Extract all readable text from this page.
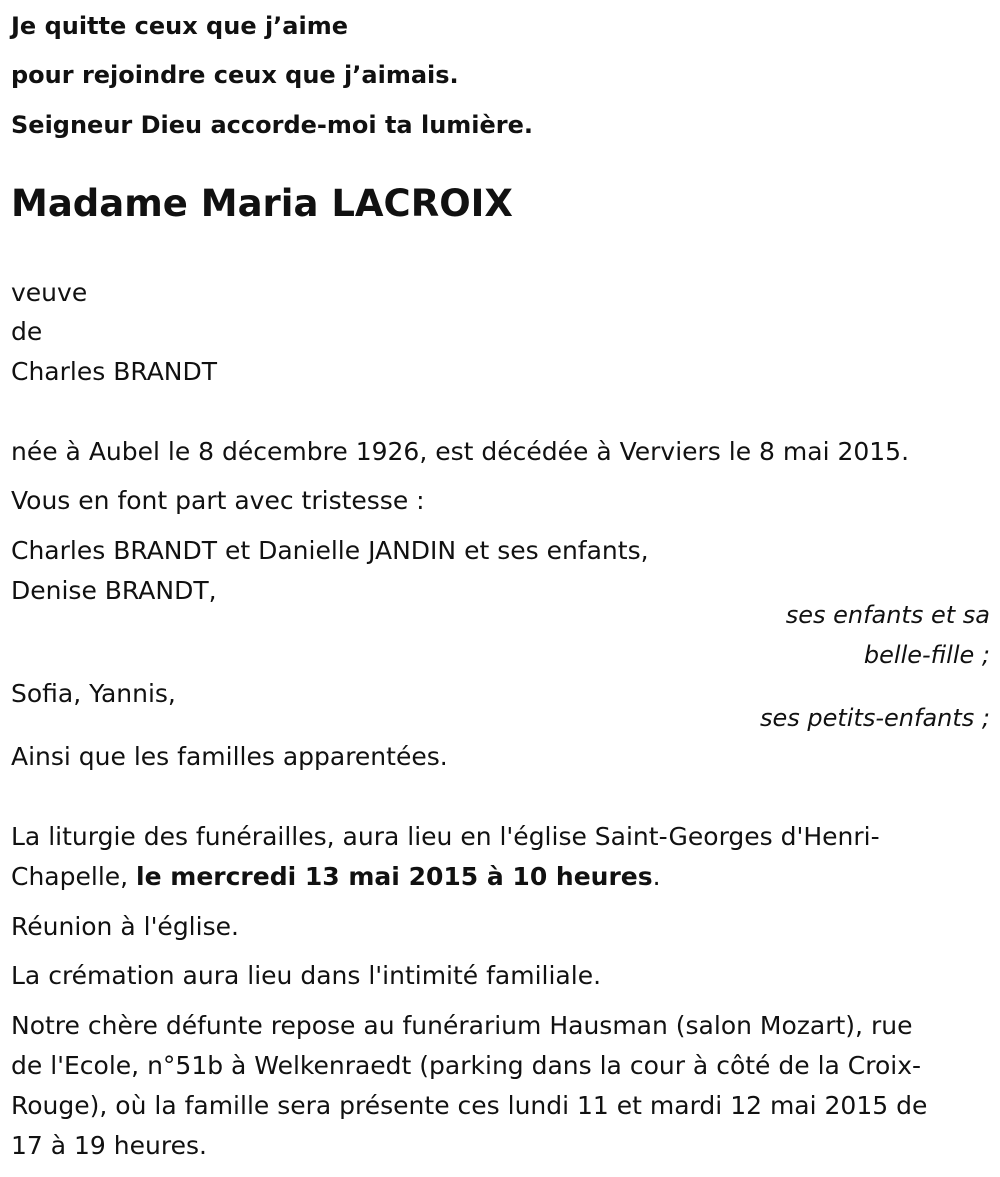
Je quitte ceux que j’aime
pour rejoindre ceux que j’aimais.
Seigneur Dieu accorde-moi ta lumière.
Madame Maria LACROIX
veuve
de
Charles BRANDT
née à Aubel le 8 décembre 1926, est décédée à Verviers le 8 mai 2015.
Vous en font part avec tristesse :
Charles BRANDT et Danielle JANDIN et ses enfants,
Denise BRANDT,
ses enfants et sa
belle-fille ;
Sofia, Yannis,
ses petits-enfants ;
Ainsi que les familles apparentées.
La liturgie des funérailles, aura lieu en l'église Saint-Georges d'Henri-
Chapelle, le mercredi 13 mai 2015 à 10 heures.
Réunion à l'église.
La crémation aura lieu dans l'intimité familiale.
Notre chère défunte repose au funérarium Hausman (salon Mozart), rue
de l'Ecole, n°51b à Welkenraedt (parking dans la cour à côté de la Croix-
Rouge), où la famille sera présente ces lundi 11 et mardi 12 mai 2015 de
17 à 19 heures.
